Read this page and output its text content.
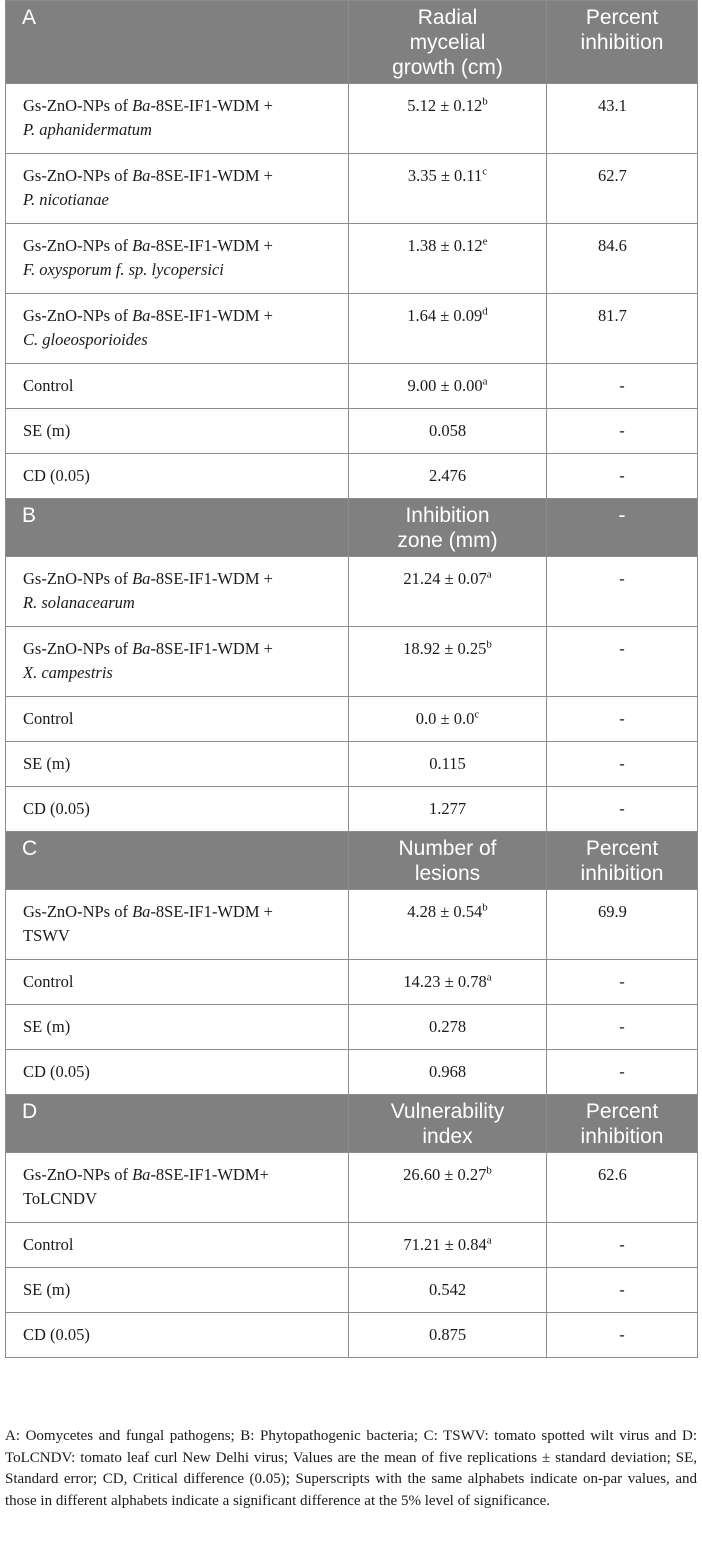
A	Radial
mycelial
growth (cm)	Percent
inhibition
Gs-ZnO-NPs of Ba-8SE-IF1-WDM +
P. aphanidermatum	5.12 ± 0.12$^b$	43.1
Gs-ZnO-NPs of Ba-8SE-IF1-WDM +
P. nicotianae	3.35 ± 0.11$^c$	62.7
Gs-ZnO-NPs of Ba-8SE-IF1-WDM +
F. oxysporum f. sp. lycopersici	1.38 ± 0.12$^e$	84.6
Gs-ZnO-NPs of Ba-8SE-IF1-WDM +
C. gloeosporioides	1.64 ± 0.09$^d$	81.7
Control	9.00 ± 0.00$^a$	-
SE (m)	0.058	-
CD (0.05)	2.476	-
B	Inhibition
zone (mm)	-
Gs-ZnO-NPs of Ba-8SE-IF1-WDM +
R. solanacearum	21.24 ± 0.07$^a$	-
Gs-ZnO-NPs of Ba-8SE-IF1-WDM +
X. campestris	18.92 ± 0.25$^b$	-
Control	0.0 ± 0.0$^c$	-
SE (m)	0.115	-
CD (0.05)	1.277	-
C	Number of
lesions	Percent
inhibition
Gs-ZnO-NPs of Ba-8SE-IF1-WDM +
TSWV	4.28 ± 0.54$^b$	69.9
Control	14.23 ± 0.78$^a$	-
SE (m)	0.278	-
CD (0.05)	0.968	-
D	Vulnerability
index	Percent
inhibition
Gs-ZnO-NPs of Ba-8SE-IF1-WDM+
ToLCNDV	26.60 ± 0.27$^b$	62.6
Control	71.21 ± 0.84$^a$	-
SE (m)	0.542	-
CD (0.05)	0.875	-

A: Oomycetes and fungal pathogens; B: Phytopathogenic bacteria; C: TSWV: tomato spotted wilt virus and D: ToLCNDV: tomato leaf curl New Delhi virus; Values are the mean of five replications ± standard deviation; SE, Standard error; CD, Critical difference (0.05); Superscripts with the same alphabets indicate on-par values, and those in different alphabets indicate a significant difference at the 5% level of significance.
